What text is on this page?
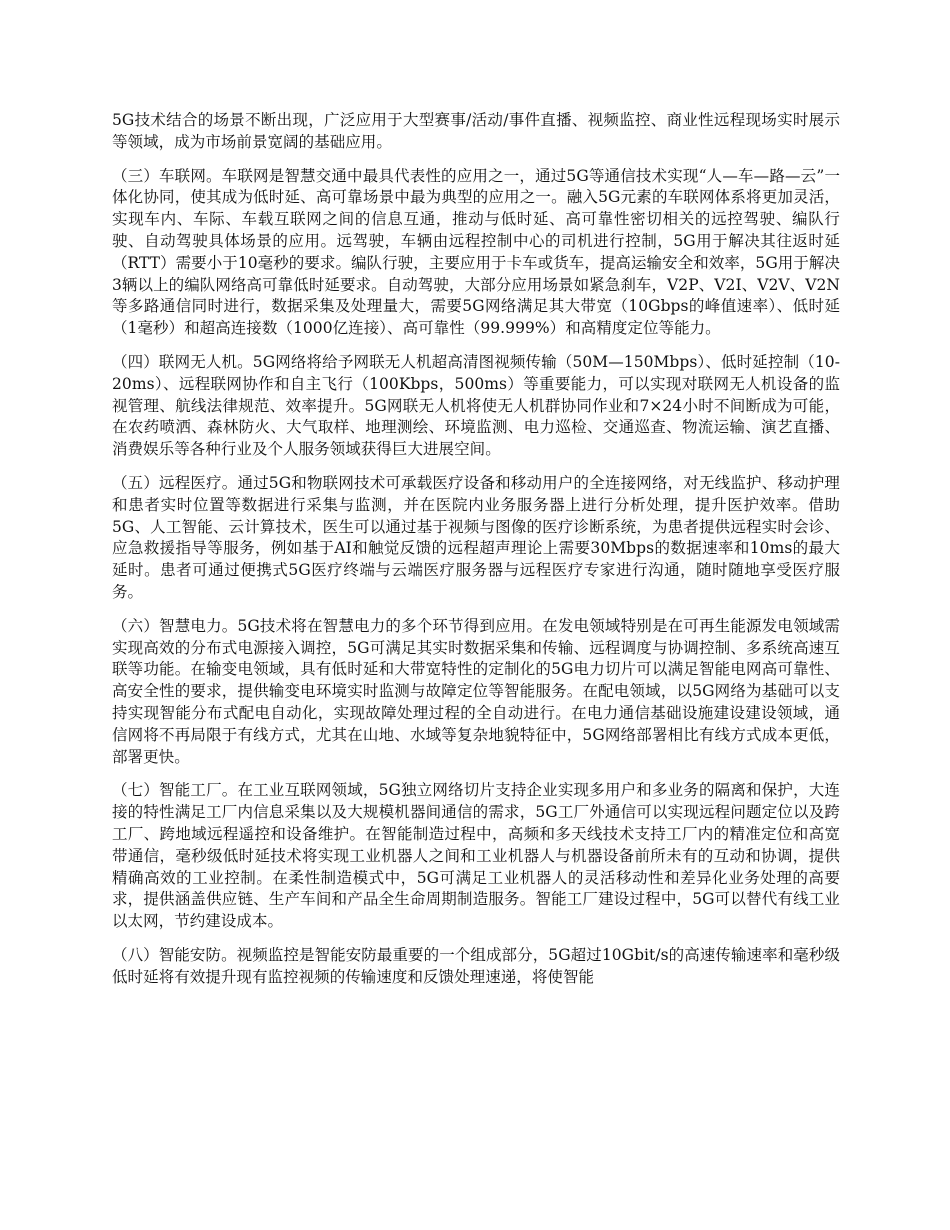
5G技术结合的场景不断出现，广泛应用于大型赛事/活动/事件直播、视频监控、商业性远程现场实时展示等领域，成为市场前景宽阔的基础应用。

（三）车联网。车联网是智慧交通中最具代表性的应用之一，通过5G等通信技术实现“人—车—路—云”一体化协同，使其成为低时延、高可靠场景中最为典型的应用之一。融入5G元素的车联网体系将更加灵活，实现车内、车际、车载互联网之间的信息互通，推动与低时延、高可靠性密切相关的远控驾驶、编队行驶、自动驾驶具体场景的应用。远驾驶，车辆由远程控制中心的司机进行控制，5G用于解决其往返时延（RTT）需要小于10毫秒的要求。编队行驶，主要应用于卡车或货车，提高运输安全和效率，5G用于解决3辆以上的编队网络高可靠低时延要求。自动驾驶，大部分应用场景如紧急刹车，V2P、V2I、V2V、V2N等多路通信同时进行，数据采集及处理量大，需要5G网络满足其大带宽（10Gbps的峰值速率）、低时延（1毫秒）和超高连接数（1000亿连接）、高可靠性（99.999%）和高精度定位等能力。

（四）联网无人机。5G网络将给予网联无人机超高清图视频传输（50M—150Mbps）、低时延控制（10-20ms）、远程联网协作和自主飞行（100Kbps，500ms）等重要能力，可以实现对联网无人机设备的监视管理、航线法律规范、效率提升。5G网联无人机将使无人机群协同作业和7×24小时不间断成为可能，在农药喷洒、森林防火、大气取样、地理测绘、环境监测、电力巡检、交通巡查、物流运输、演艺直播、消费娱乐等各种行业及个人服务领域获得巨大进展空间。

（五）远程医疗。通过5G和物联网技术可承载医疗设备和移动用户的全连接网络，对无线监护、移动护理和患者实时位置等数据进行采集与监测，并在医院内业务服务器上进行分析处理，提升医护效率。借助5G、人工智能、云计算技术，医生可以通过基于视频与图像的医疗诊断系统，为患者提供远程实时会诊、应急救援指导等服务，例如基于AI和触觉反馈的远程超声理论上需要30Mbps的数据速率和10ms的最大延时。患者可通过便携式5G医疗终端与云端医疗服务器与远程医疗专家进行沟通，随时随地享受医疗服务。

（六）智慧电力。5G技术将在智慧电力的多个环节得到应用。在发电领域特别是在可再生能源发电领域需实现高效的分布式电源接入调控，5G可满足其实时数据采集和传输、远程调度与协调控制、多系统高速互联等功能。在输变电领域，具有低时延和大带宽特性的定制化的5G电力切片可以满足智能电网高可靠性、高安全性的要求，提供输变电环境实时监测与故障定位等智能服务。在配电领域，以5G网络为基础可以支持实现智能分布式配电自动化，实现故障处理过程的全自动进行。在电力通信基础设施建设建设领域，通信网将不再局限于有线方式，尤其在山地、水域等复杂地貌特征中，5G网络部署相比有线方式成本更低，部署更快。

（七）智能工厂。在工业互联网领域，5G独立网络切片支持企业实现多用户和多业务的隔离和保护，大连接的特性满足工厂内信息采集以及大规模机器间通信的需求，5G工厂外通信可以实现远程问题定位以及跨工厂、跨地域远程遥控和设备维护。在智能制造过程中，高频和多天线技术支持工厂内的精准定位和高宽带通信，毫秒级低时延技术将实现工业机器人之间和工业机器人与机器设备前所未有的互动和协调，提供精确高效的工业控制。在柔性制造模式中，5G可满足工业机器人的灵活移动性和差异化业务处理的高要求，提供涵盖供应链、生产车间和产品全生命周期制造服务。智能工厂建设过程中，5G可以替代有线工业以太网，节约建设成本。

（八）智能安防。视频监控是智能安防最重要的一个组成部分，5G超过10Gbit/s的高速传输速率和毫秒级低时延将有效提升现有监控视频的传输速度和反馈处理速递，将使智能
